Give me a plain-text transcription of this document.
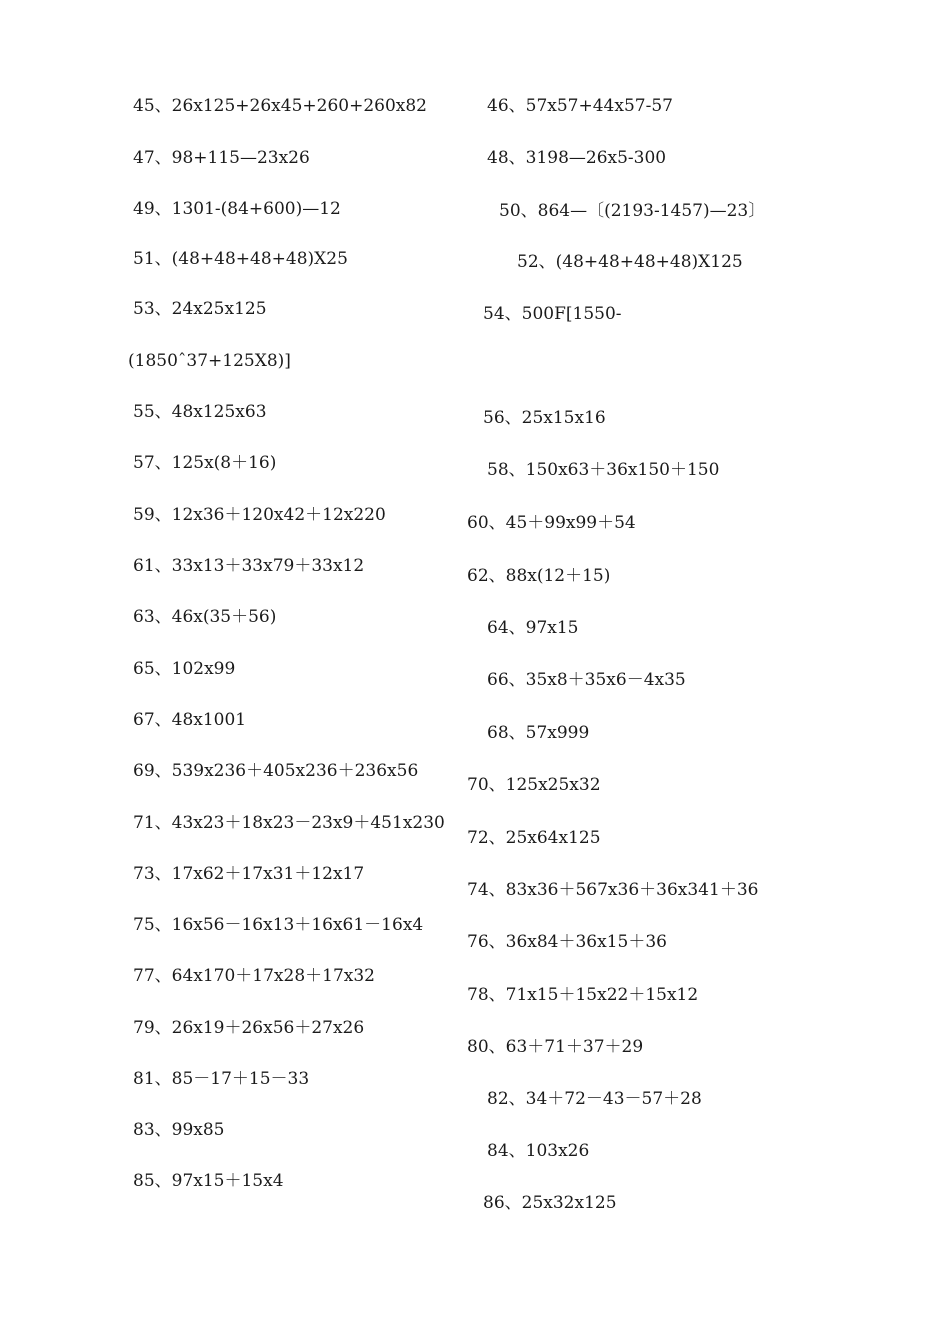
45、26x125+26x45+260+260x82
47、98+115—23x26
49、1301-(84+600)—12
51、(48+48+48+48)X25
53、24x25x125
(1850ˆ37+125X8)]
55、48x125x63
57、125x(8＋16)
59、12x36＋120x42＋12x220
61、33x13＋33x79＋33x12
63、46x(35＋56)
65、102x99
67、48x1001
69、539x236＋405x236＋236x56
71、43x23＋18x23－23x9＋451x230
73、17x62＋17x31＋12x17
75、16x56－16x13＋16x61－16x4
77、64x170＋17x28＋17x32
79、26x19＋26x56＋27x26
81、85－17＋15－33
83、99x85
85、97x15＋15x4
46、57x57+44x57-57
48、3198—26x5-300
50、864—〔(2193-1457)—23〕
52、(48+48+48+48)X125
54、500F[1550-
56、25x15x16
58、150x63＋36x150＋150
60、45＋99x99＋54
62、88x(12＋15)
64、97x15
66、35x8＋35x6－4x35
68、57x999
70、125x25x32
72、25x64x125
74、83x36＋567x36＋36x341＋36
76、36x84＋36x15＋36
78、71x15＋15x22＋15x12
80、63＋71＋37＋29
82、34＋72－43－57＋28
84、103x26
86、25x32x125
